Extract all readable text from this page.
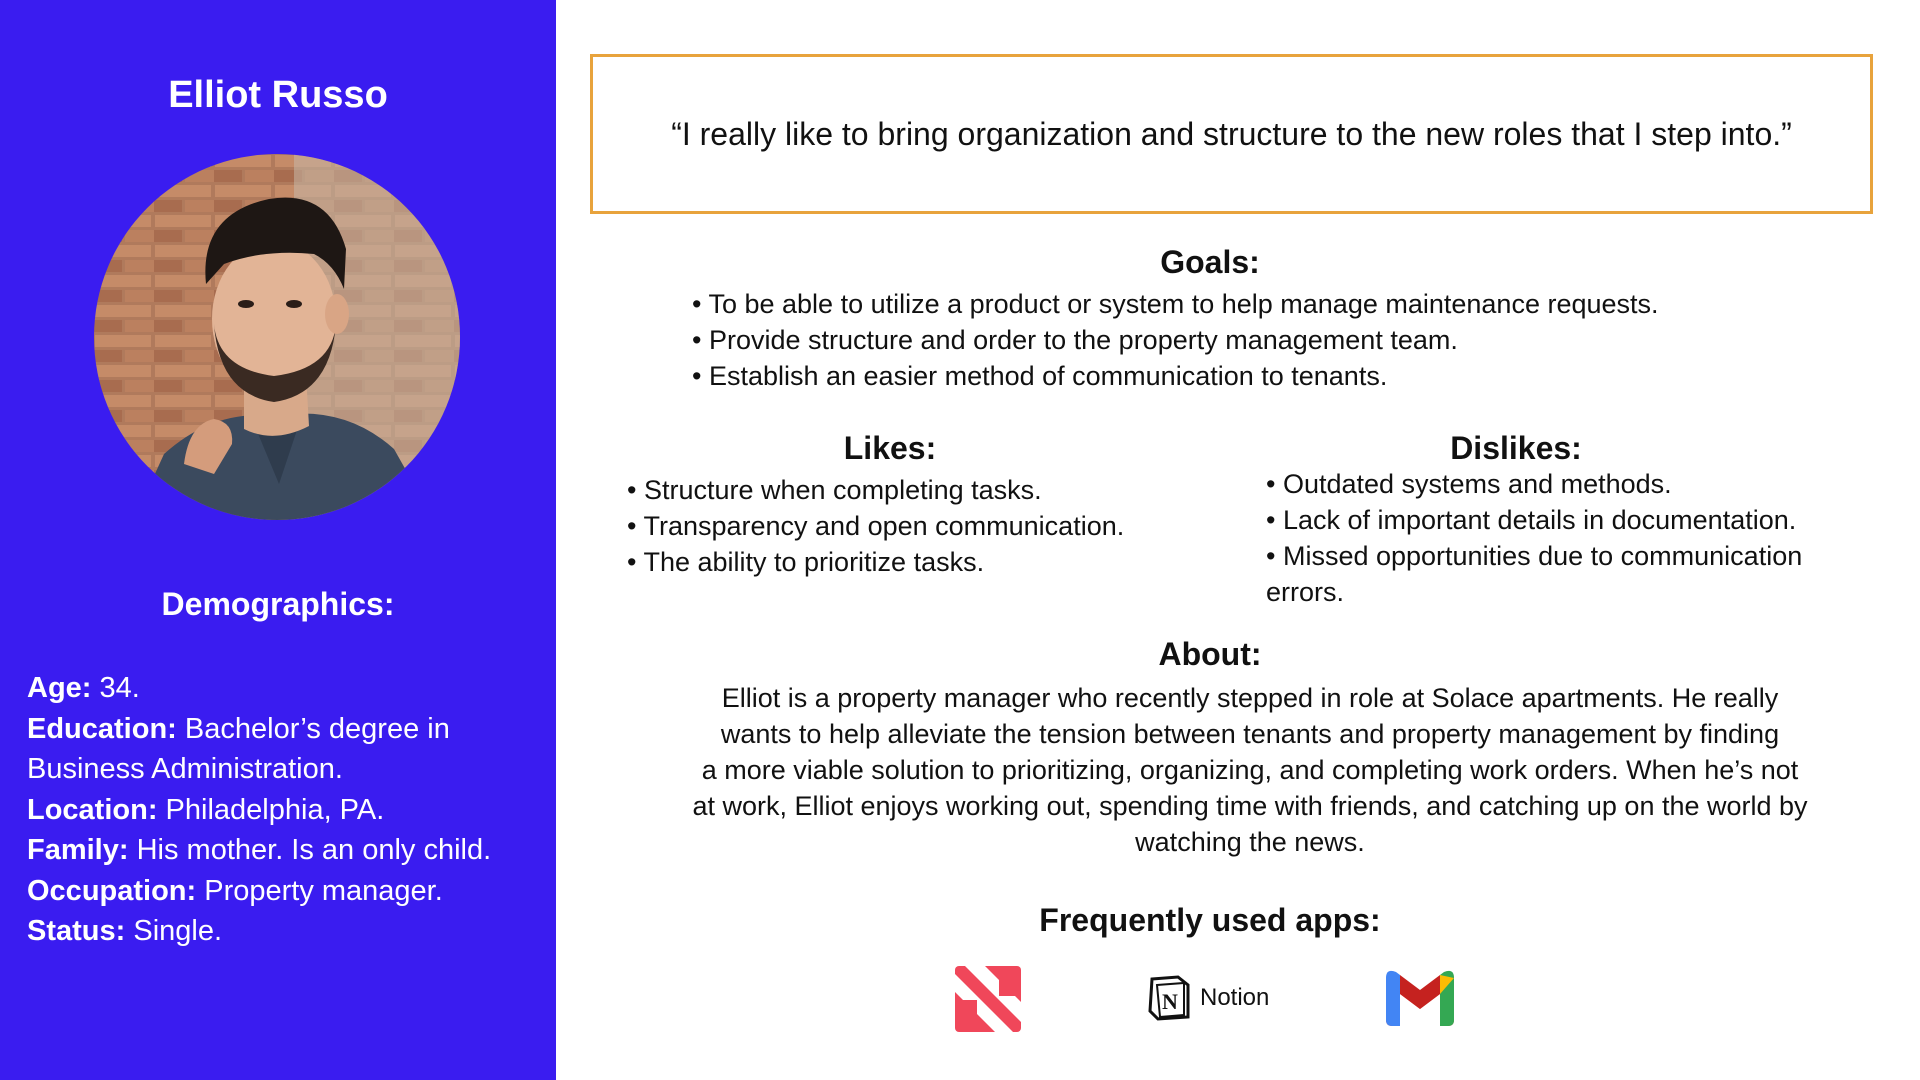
Elliot Russo
Demographics:
Age: 34.
Education: Bachelor’s degree in
Business Administration.
Location: Philadelphia, PA.
Family: His mother. Is an only child.
Occupation: Property manager.
Status: Single.
“I really like to bring organization and structure to the new roles that I step into.”
Goals:
• To be able to utilize a product or system to help manage maintenance requests.
• Provide structure and order to the property management team.
• Establish an easier method of communication to tenants.
Likes:
• Structure when completing tasks.
• Transparency and open communication.
• The ability to prioritize tasks.
Dislikes:
• Outdated systems and methods.
• Lack of important details in documentation.
• Missed opportunities due to communication
errors.
About:
Elliot is a property manager who recently stepped in role at Solace apartments. He really
wants to help alleviate the tension between tenants and property management by finding
a more viable solution to prioritizing, organizing, and completing work orders. When he’s not
at work, Elliot enjoys working out, spending time with friends, and catching up on the world by
watching the news.
Frequently used apps:
N Notion
